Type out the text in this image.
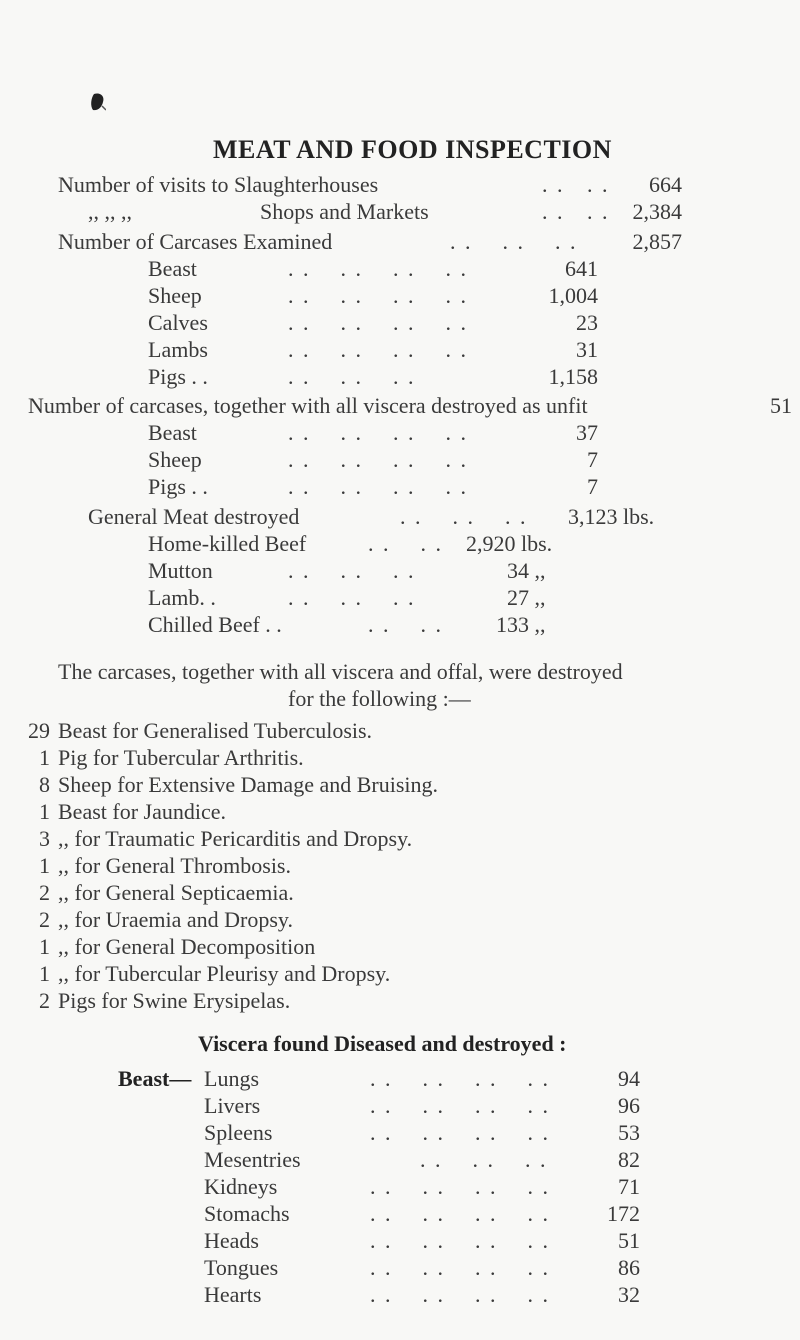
MEAT AND FOOD INSPECTION
Number of visits to Slaughterhouses	. .   . .	664
,, ,, ,,	Shops and Markets	. .   . .	2,384
Number of Carcases Examined	. .    . .    . .	2,857
Beast	. .    . .    . .    . .	641
Sheep	. .    . .    . .    . .	1,004
Calves	. .    . .    . .    . .	23
Lambs	. .    . .    . .    . .	31
Pigs . .	. .    . .    . .	1,158
Number of carcases, together with all viscera destroyed as unfit	51
Beast	. .    . .    . .    . .	37
Sheep	. .    . .    . .    . .	7
Pigs . .	. .    . .    . .    . .	7
General Meat destroyed	. .    . .    . . 3,123 lbs.
Home-killed Beef	. .    . . 2,920 lbs.
Mutton	. .    . .    . .	34 ,,
Lamb. .	. .    . .    . .	27 ,,
Chilled Beef . .	. .    . . 133 ,,
The carcases, together with all viscera and offal, were destroyed
for the following :—
29 Beast for Generalised Tuberculosis.
1 Pig for Tubercular Arthritis.
8 Sheep for Extensive Damage and Bruising.
1 Beast for Jaundice.
3 ,, for Traumatic Pericarditis and Dropsy.
1 ,, for General Thrombosis.
2 ,, for General Septicaemia.
2 ,, for Uraemia and Dropsy.
1 ,, for General Decomposition
1 ,, for Tubercular Pleurisy and Dropsy.
2 Pigs for Swine Erysipelas.
Viscera found Diseased and destroyed :
Beast— Lungs	. .    . .    . .    . .	94
Livers	. .    . .    . .    . .	96
Spleens	. .    . .    . .    . .	53
Mesentries	. .    . .    . .	82
Kidneys	. .    . .    . .    . .	71
Stomachs	. .    . .    . .    . .	172
Heads	. .    . .    . .    . .	51
Tongues	. .    . .    . .    . .	86
Hearts	. .    . .    . .    . .	32
